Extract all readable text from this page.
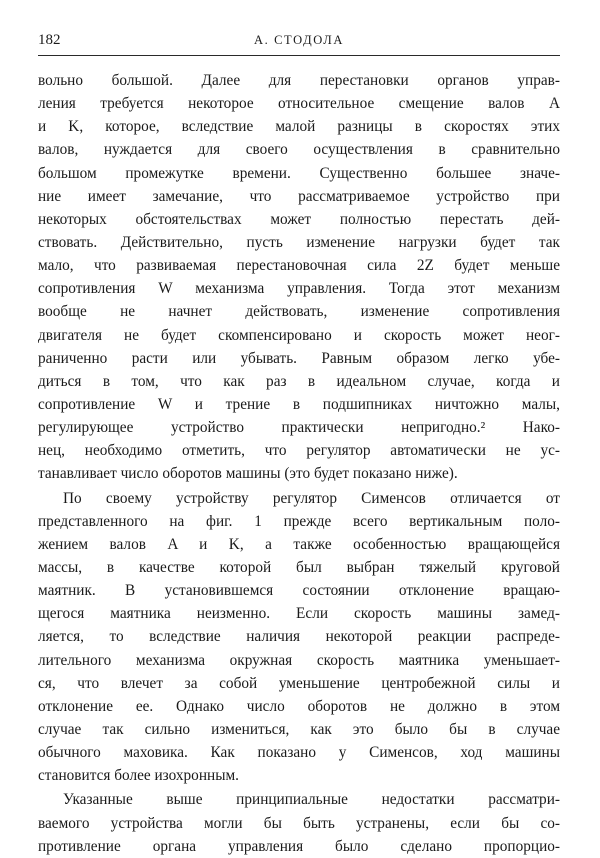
182	А. СТОДОЛА
вольно большой. Далее для перестановки органов управ-
ления требуется некоторое относительное смещение валов A
и K, которое, вследствие малой разницы в скоростях этих
валов, нуждается для своего осуществления в сравнительно
большом промежутке времени. Существенно большее значе-
ние имеет замечание, что рассматриваемое устройство при
некоторых обстоятельствах может полностью перестать дей-
ствовать. Действительно, пусть изменение нагрузки будет так
мало, что развиваемая перестановочная сила 2Z будет меньше
сопротивления W механизма управления. Тогда этот механизм
вообще не начнет действовать, изменение сопротивления
двигателя не будет скомпенсировано и скорость может неог-
раниченно расти или убывать. Равным образом легко убе-
диться в том, что как раз в идеальном случае, когда и
сопротивление W и трение в подшипниках ничтожно малы,
регулирующее устройство практически непригодно.² Нако-
нец, необходимо отметить, что регулятор автоматически не ус-
танавливает число оборотов машины (это будет показано ниже).
По своему устройству регулятор Сименсов отличается от
представленного на фиг. 1 прежде всего вертикальным поло-
жением валов A и K, а также особенностью вращающейся
массы, в качестве которой был выбран тяжелый круговой
маятник. В установившемся состоянии отклонение вращаю-
щегося маятника неизменно. Если скорость машины замед-
ляется, то вследствие наличия некоторой реакции распреде-
лительного механизма окружная скорость маятника уменьшает-
ся, что влечет за собой уменьшение центробежной силы и
отклонение ее. Однако число оборотов не должно в этом
случае так сильно измениться, как это было бы в случае
обычного маховика. Как показано у Сименсов, ход машины
становится более изохронным.
Указанные выше принципиальные недостатки рассматри-
ваемого устройства могли бы быть устранены, если бы со-
противление органа управления было сделано пропорцио-
